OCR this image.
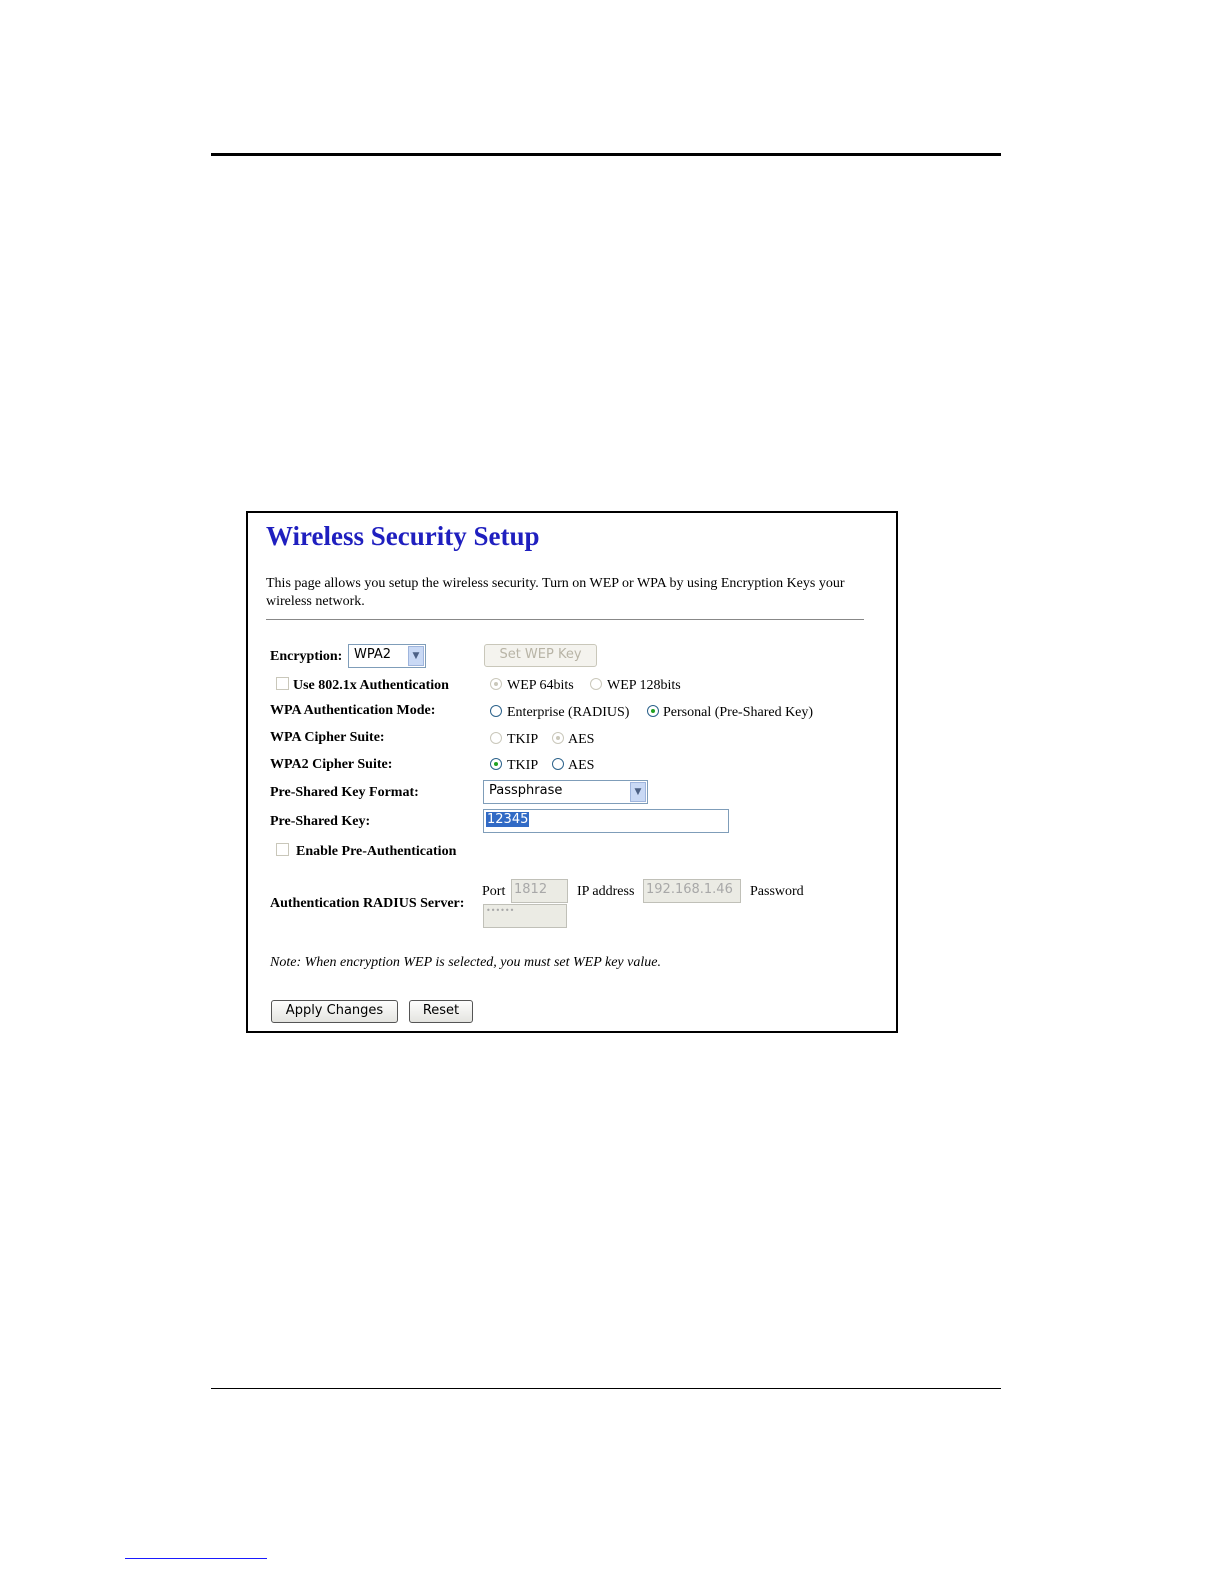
Wireless Security Setup
This page allows you setup the wireless security. Turn on WEP or WPA by using Encryption Keys your wireless network.
Encryption: WPA2	▼	Set WEP Key
Use 802.1x Authentication	WEP 64bits WEP 128bits
WPA Authentication Mode:	Enterprise (RADIUS) Personal (Pre-Shared Key)
WPA Cipher Suite:	TKIP AES
WPA2 Cipher Suite:	TKIP AES
Pre-Shared Key Format:	Passphrase	▼
Pre-Shared Key:	12345
Enable Pre-Authentication
Authentication RADIUS Server:
Port 1812	IP address 192.168.1.46	Password
••••••
Note: When encryption WEP is selected, you must set WEP key value.
Apply Changes	Reset
